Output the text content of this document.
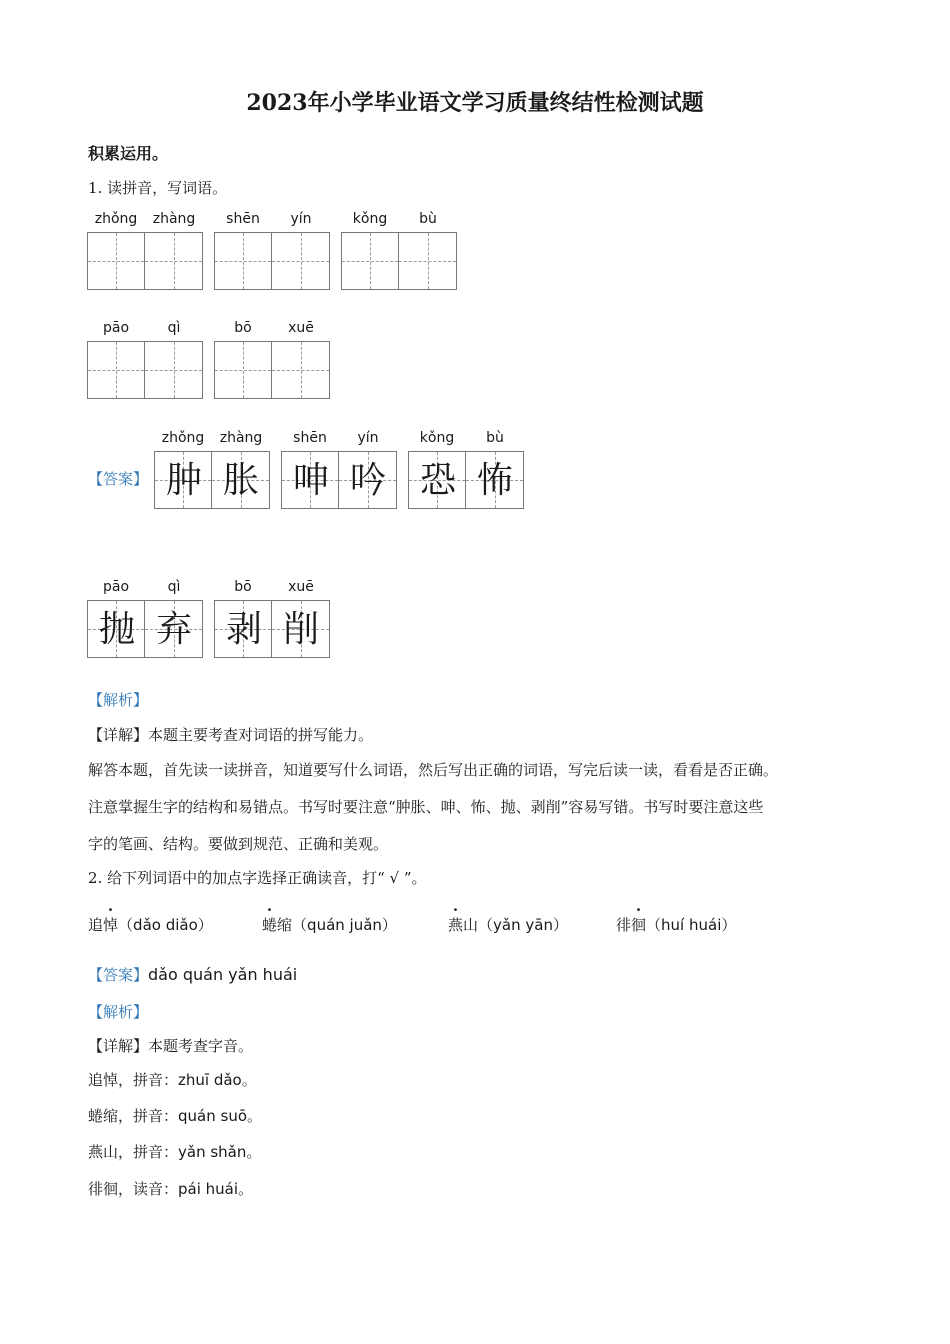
2023年小学毕业语文学习质量终结性检测试题
积累运用。
1. 读拼音，写词语。
zhǒng	zhàng	shēn	yín	kǒng	bù
pāo	qì	bō	xuē
【答案】
zhǒng	zhàng
肿 胀
shēn	yín
呻 吟
kǒng	bù
恐 怖
pāo	qì
抛 弃
bō	xuē
剥 削
【解析】
【详解】本题主要考查对词语的拼写能力。
解答本题，首先读一读拼音，知道要写什么词语，然后写出正确的词语，写完后读一读，看看是否正确。
注意掌握生字的结构和易错点。书写时要注意“肿胀、呻、怖、抛、剥削”容易写错。书写时要注意这些
字的笔画、结构。要做到规范、正确和美观。
2. 给下列词语中的加点字选择正确读音，打“ √ ”。
追悼（dǎo diǎo）	蜷缩（quán juǎn）	燕山（yǎn yān）	徘徊（huí huái）
【答案】dǎo quán yǎn huái
【解析】
【详解】本题考查字音。
追悼，拼音：zhuī dǎo。
蜷缩，拼音：quán suō。
燕山，拼音：yǎn shǎn。
徘徊，读音：pái huái。
